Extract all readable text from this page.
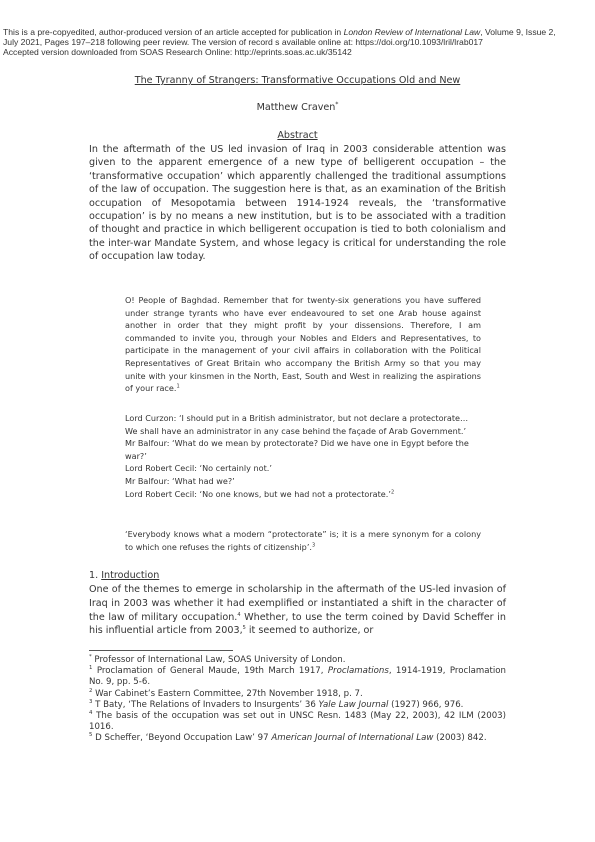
This is a pre-copyedited, author-produced version of an article accepted for publication in London Review of International Law, Volume 9, Issue 2, July 2021, Pages 197–218 following peer review. The version of record s available online at: https://doi.org/10.1093/lril/lrab017
Accepted version downloaded from SOAS Research Online: http://eprints.soas.ac.uk/35142
The Tyranny of Strangers: Transformative Occupations Old and New
Matthew Craven*
Abstract

In the aftermath of the US led invasion of Iraq in 2003 considerable attention was given to the apparent emergence of a new type of belligerent occupation – the ‘transformative occupation’ which apparently challenged the traditional assumptions of the law of occupation. The suggestion here is that, as an examination of the British occupation of Mesopotamia between 1914-1924 reveals, the ‘transformative occupation’ is by no means a new institution, but is to be associated with a tradition of thought and practice in which belligerent occupation is tied to both colonialism and the inter-war Mandate System, and whose legacy is critical for understanding the role of occupation law today.

O! People of Baghdad. Remember that for twenty-six generations you have suffered under strange tyrants who have ever endeavoured to set one Arab house against another in order that they might profit by your dissensions. Therefore, I am commanded to invite you, through your Nobles and Elders and Representatives, to participate in the management of your civil affairs in collaboration with the Political Representatives of Great Britain who accompany the British Army so that you may unite with your kinsmen in the North, East, South and West in realizing the aspirations of your race.$^1$

Lord Curzon: ‘I should put in a British administrator, but not declare a protectorate… We shall have an administrator in any case behind the façade of Arab Government.’
Mr Balfour: ‘What do we mean by protectorate? Did we have one in Egypt before the war?’
Lord Robert Cecil: ‘No certainly not.’
Mr Balfour: ‘What had we?’
Lord Robert Cecil: ‘No one knows, but we had not a protectorate.’$^2$

‘Everybody knows what a modern “protectorate” is; it is a mere synonym for a colony to which one refuses the rights of citizenship’.$^3$

1. Introduction

One of the themes to emerge in scholarship in the aftermath of the US-led invasion of Iraq in 2003 was whether it had exemplified or instantiated a shift in the character of the law of military occupation.$^4$ Whether, to use the term coined by David Scheffer in his influential article from 2003,$^5$ it seemed to authorize, or

* Professor of International Law, SOAS University of London.

$^1$ Proclamation of General Maude, 19th March 1917, Proclamations, 1914-1919, Proclamation No. 9, pp. 5-6.

$^2$ War Cabinet’s Eastern Committee, 27th November 1918, p. 7.

$^3$ T Baty, ‘The Relations of Invaders to Insurgents’ 36 Yale Law Journal (1927) 966, 976.

$^4$ The basis of the occupation was set out in UNSC Resn. 1483 (May 22, 2003), 42 ILM (2003) 1016.

$^5$ D Scheffer, ‘Beyond Occupation Law’ 97 American Journal of International Law (2003) 842.
